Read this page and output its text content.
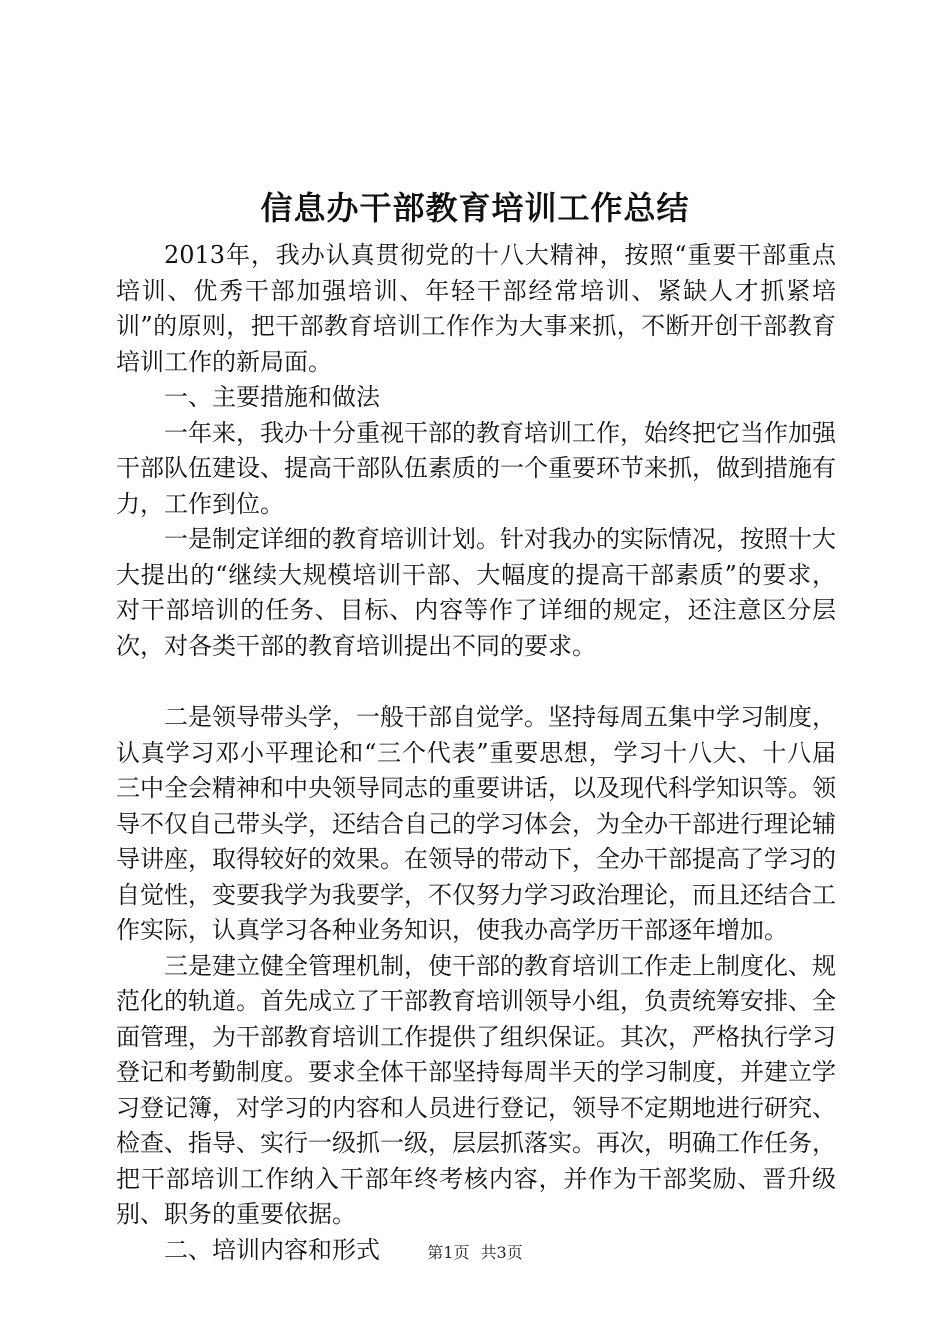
信息办干部教育培训工作总结

2013年，我办认真贯彻党的十八大精神，按照“重要干部重点培训、优秀干部加强培训、年轻干部经常培训、紧缺人才抓紧培训”的原则，把干部教育培训工作作为大事来抓，不断开创干部教育培训工作的新局面。

一、主要措施和做法

一年来，我办十分重视干部的教育培训工作，始终把它当作加强干部队伍建设、提高干部队伍素质的一个重要环节来抓，做到措施有力，工作到位。

一是制定详细的教育培训计划。针对我办的实际情况，按照十大大提出的“继续大规模培训干部、大幅度的提高干部素质”的要求，对干部培训的任务、目标、内容等作了详细的规定，还注意区分层次，对各类干部的教育培训提出不同的要求。

二是领导带头学，一般干部自觉学。坚持每周五集中学习制度，认真学习邓小平理论和“三个代表”重要思想，学习十八大、十八届三中全会精神和中央领导同志的重要讲话，以及现代科学知识等。领导不仅自己带头学，还结合自己的学习体会，为全办干部进行理论辅导讲座，取得较好的效果。在领导的带动下，全办干部提高了学习的自觉性，变要我学为我要学，不仅努力学习政治理论，而且还结合工作实际，认真学习各种业务知识，使我办高学历干部逐年增加。

三是建立健全管理机制，使干部的教育培训工作走上制度化、规范化的轨道。首先成立了干部教育培训领导小组，负责统筹安排、全面管理，为干部教育培训工作提供了组织保证。其次，严格执行学习登记和考勤制度。要求全体干部坚持每周半天的学习制度，并建立学习登记簿，对学习的内容和人员进行登记，领导不定期地进行研究、检查、指导、实行一级抓一级，层层抓落实。再次，明确工作任务，把干部培训工作纳入干部年终考核内容，并作为干部奖励、晋升级别、职务的重要依据。

二、培训内容和形式	第1页 共3页
